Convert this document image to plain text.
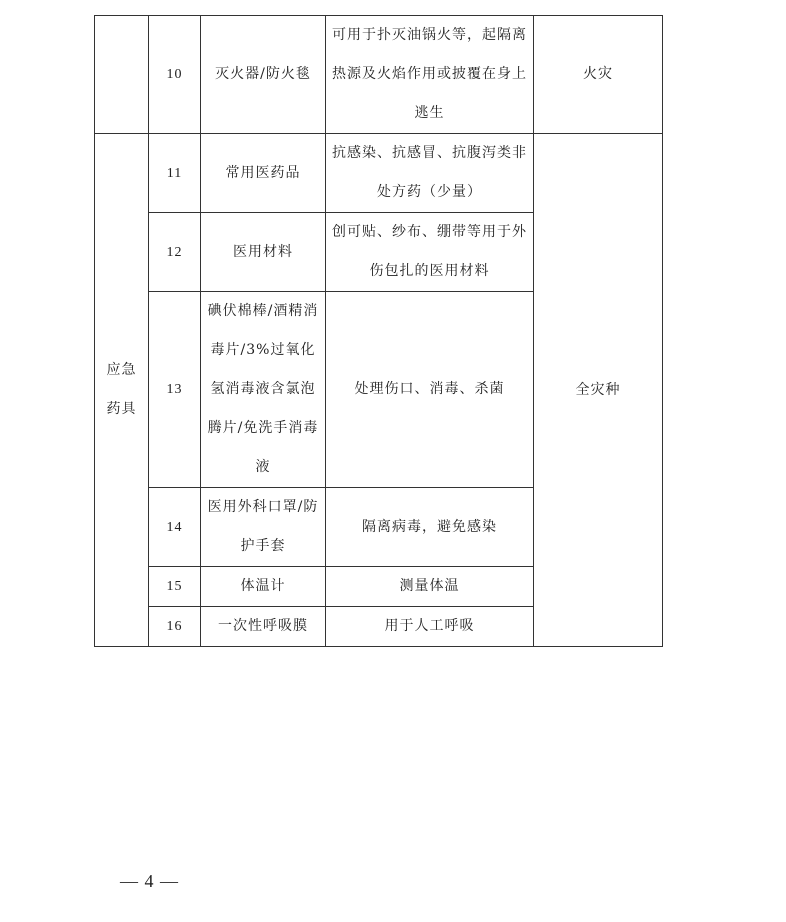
	10	灭火器/防火毯	可用于扑灭油锅火等，起隔离热源及火焰作用或披覆在身上逃生	火灾
应急药具	11	常用医药品	抗感染、抗感冒、抗腹泻类非处方药（少量）	全灾种
	12	医用材料	创可贴、纱布、绷带等用于外伤包扎的医用材料	
	13	碘伏棉棒/酒精消毒片/3%过氧化氢消毒液含氯泡腾片/免洗手消毒液	处理伤口、消毒、杀菌	
	14	医用外科口罩/防护手套	隔离病毒，避免感染	
	15	体温计	测量体温	
	16	一次性呼吸膜	用于人工呼吸	
— 4 —
